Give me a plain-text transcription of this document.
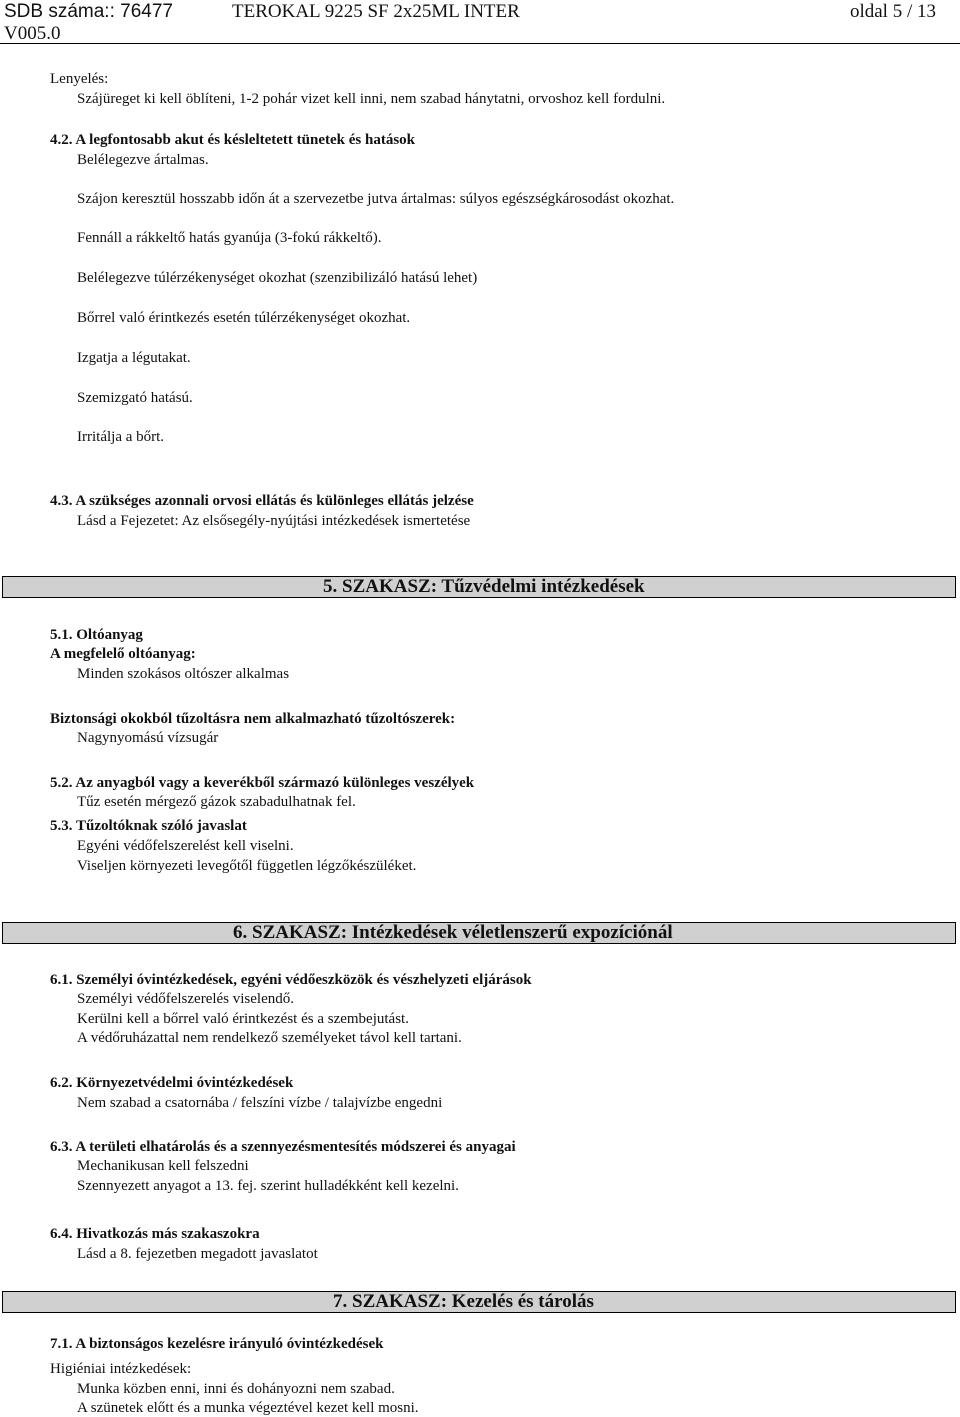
SDB száma:: 76477	TEROKAL 9225 SF 2x25ML INTER	oldal 5 / 13
V005.0
Lenyelés:
Szájüreget ki kell öblíteni, 1-2 pohár vizet kell inni, nem szabad hánytatni, orvoshoz kell fordulni.
4.2. A legfontosabb akut és késleltetett tünetek és hatások
Belélegezve ártalmas.
Szájon keresztül hosszabb időn át a szervezetbe jutva ártalmas: súlyos egészségkárosodást okozhat.
Fennáll a rákkeltő hatás gyanúja (3-fokú rákkeltő).
Belélegezve túlérzékenységet okozhat (szenzibilizáló hatású lehet)
Bőrrel való érintkezés esetén túlérzékenységet okozhat.
Izgatja a légutakat.
Szemizgató hatású.
Irritálja a bőrt.
4.3. A szükséges azonnali orvosi ellátás és különleges ellátás jelzése
Lásd a Fejezetet: Az elsősegély-nyújtási intézkedések ismertetése
5. SZAKASZ: Tűzvédelmi intézkedések
5.1. Oltóanyag
A megfelelő oltóanyag:
Minden szokásos oltószer alkalmas
Biztonsági okokból tűzoltásra nem alkalmazható tűzoltószerek:
Nagynyomású vízsugár
5.2. Az anyagból vagy a keverékből származó különleges veszélyek
Tűz esetén mérgező gázok szabadulhatnak fel.
5.3. Tűzoltóknak szóló javaslat
Egyéni védőfelszerelést kell viselni.
Viseljen környezeti levegőtől független légzőkészüléket.
6. SZAKASZ: Intézkedések véletlenszerű expozíciónál
6.1. Személyi óvintézkedések, egyéni védőeszközök és vészhelyzeti eljárások
Személyi védőfelszerelés viselendő.
Kerülni kell a bőrrel való érintkezést és a szembejutást.
A védőruházattal nem rendelkező személyeket távol kell tartani.
6.2. Környezetvédelmi óvintézkedések
Nem szabad a csatornába / felszíni vízbe / talajvízbe engedni
6.3. A területi elhatárolás és a szennyezésmentesítés módszerei és anyagai
Mechanikusan kell felszedni
Szennyezett anyagot a 13. fej. szerint hulladékként kell kezelni.
6.4. Hivatkozás más szakaszokra
Lásd a 8. fejezetben megadott javaslatot
7. SZAKASZ: Kezelés és tárolás
7.1. A biztonságos kezelésre irányuló óvintézkedések
Higiéniai intézkedések:
Munka közben enni, inni és dohányozni nem szabad.
A szünetek előtt és a munka végeztével kezet kell mosni.
